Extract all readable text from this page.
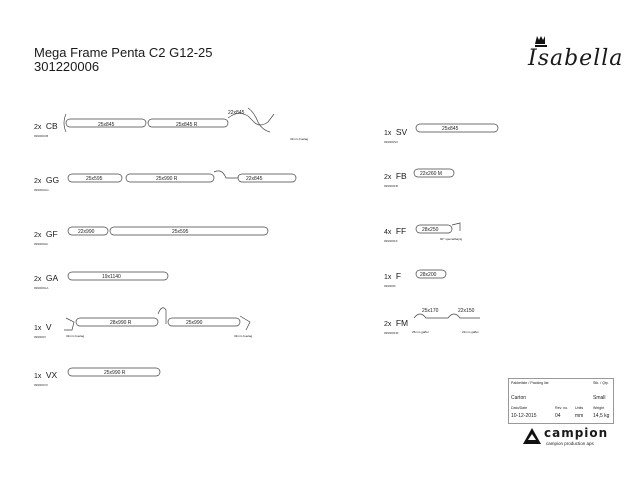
Mega Frame Penta C2 G12-25
301220006	Isabella
2x CB
999000CB
25x845	25x845 R
22x845
32mm buelag
2x GG
999000GG
25x595	25x990 R	22x845
2x GF
999000GF
22x990	25x595
2x GA
999000GA
19x1140
1x V
999000V
28x990 R	25x990
32mm buelag	32mm buelag
1x VX
999000VX
25x990 R
1x SV
999000SV
25x845
2x FB
999000FB
22x260 M
4x FF
999000FF
28x250
90° specialbøjng
1x F
999000F
28x200
2x FM
999000FM
25x170	22x150
25mm gaffel	22mm gaffel
Pakkeliste / Packing list	Stk. / Qty.
Carton	Small
Dato/Date	Rev. no. Units	Weight
10-12-2015	04	mm 14,5 kg
campion
campion production aps
